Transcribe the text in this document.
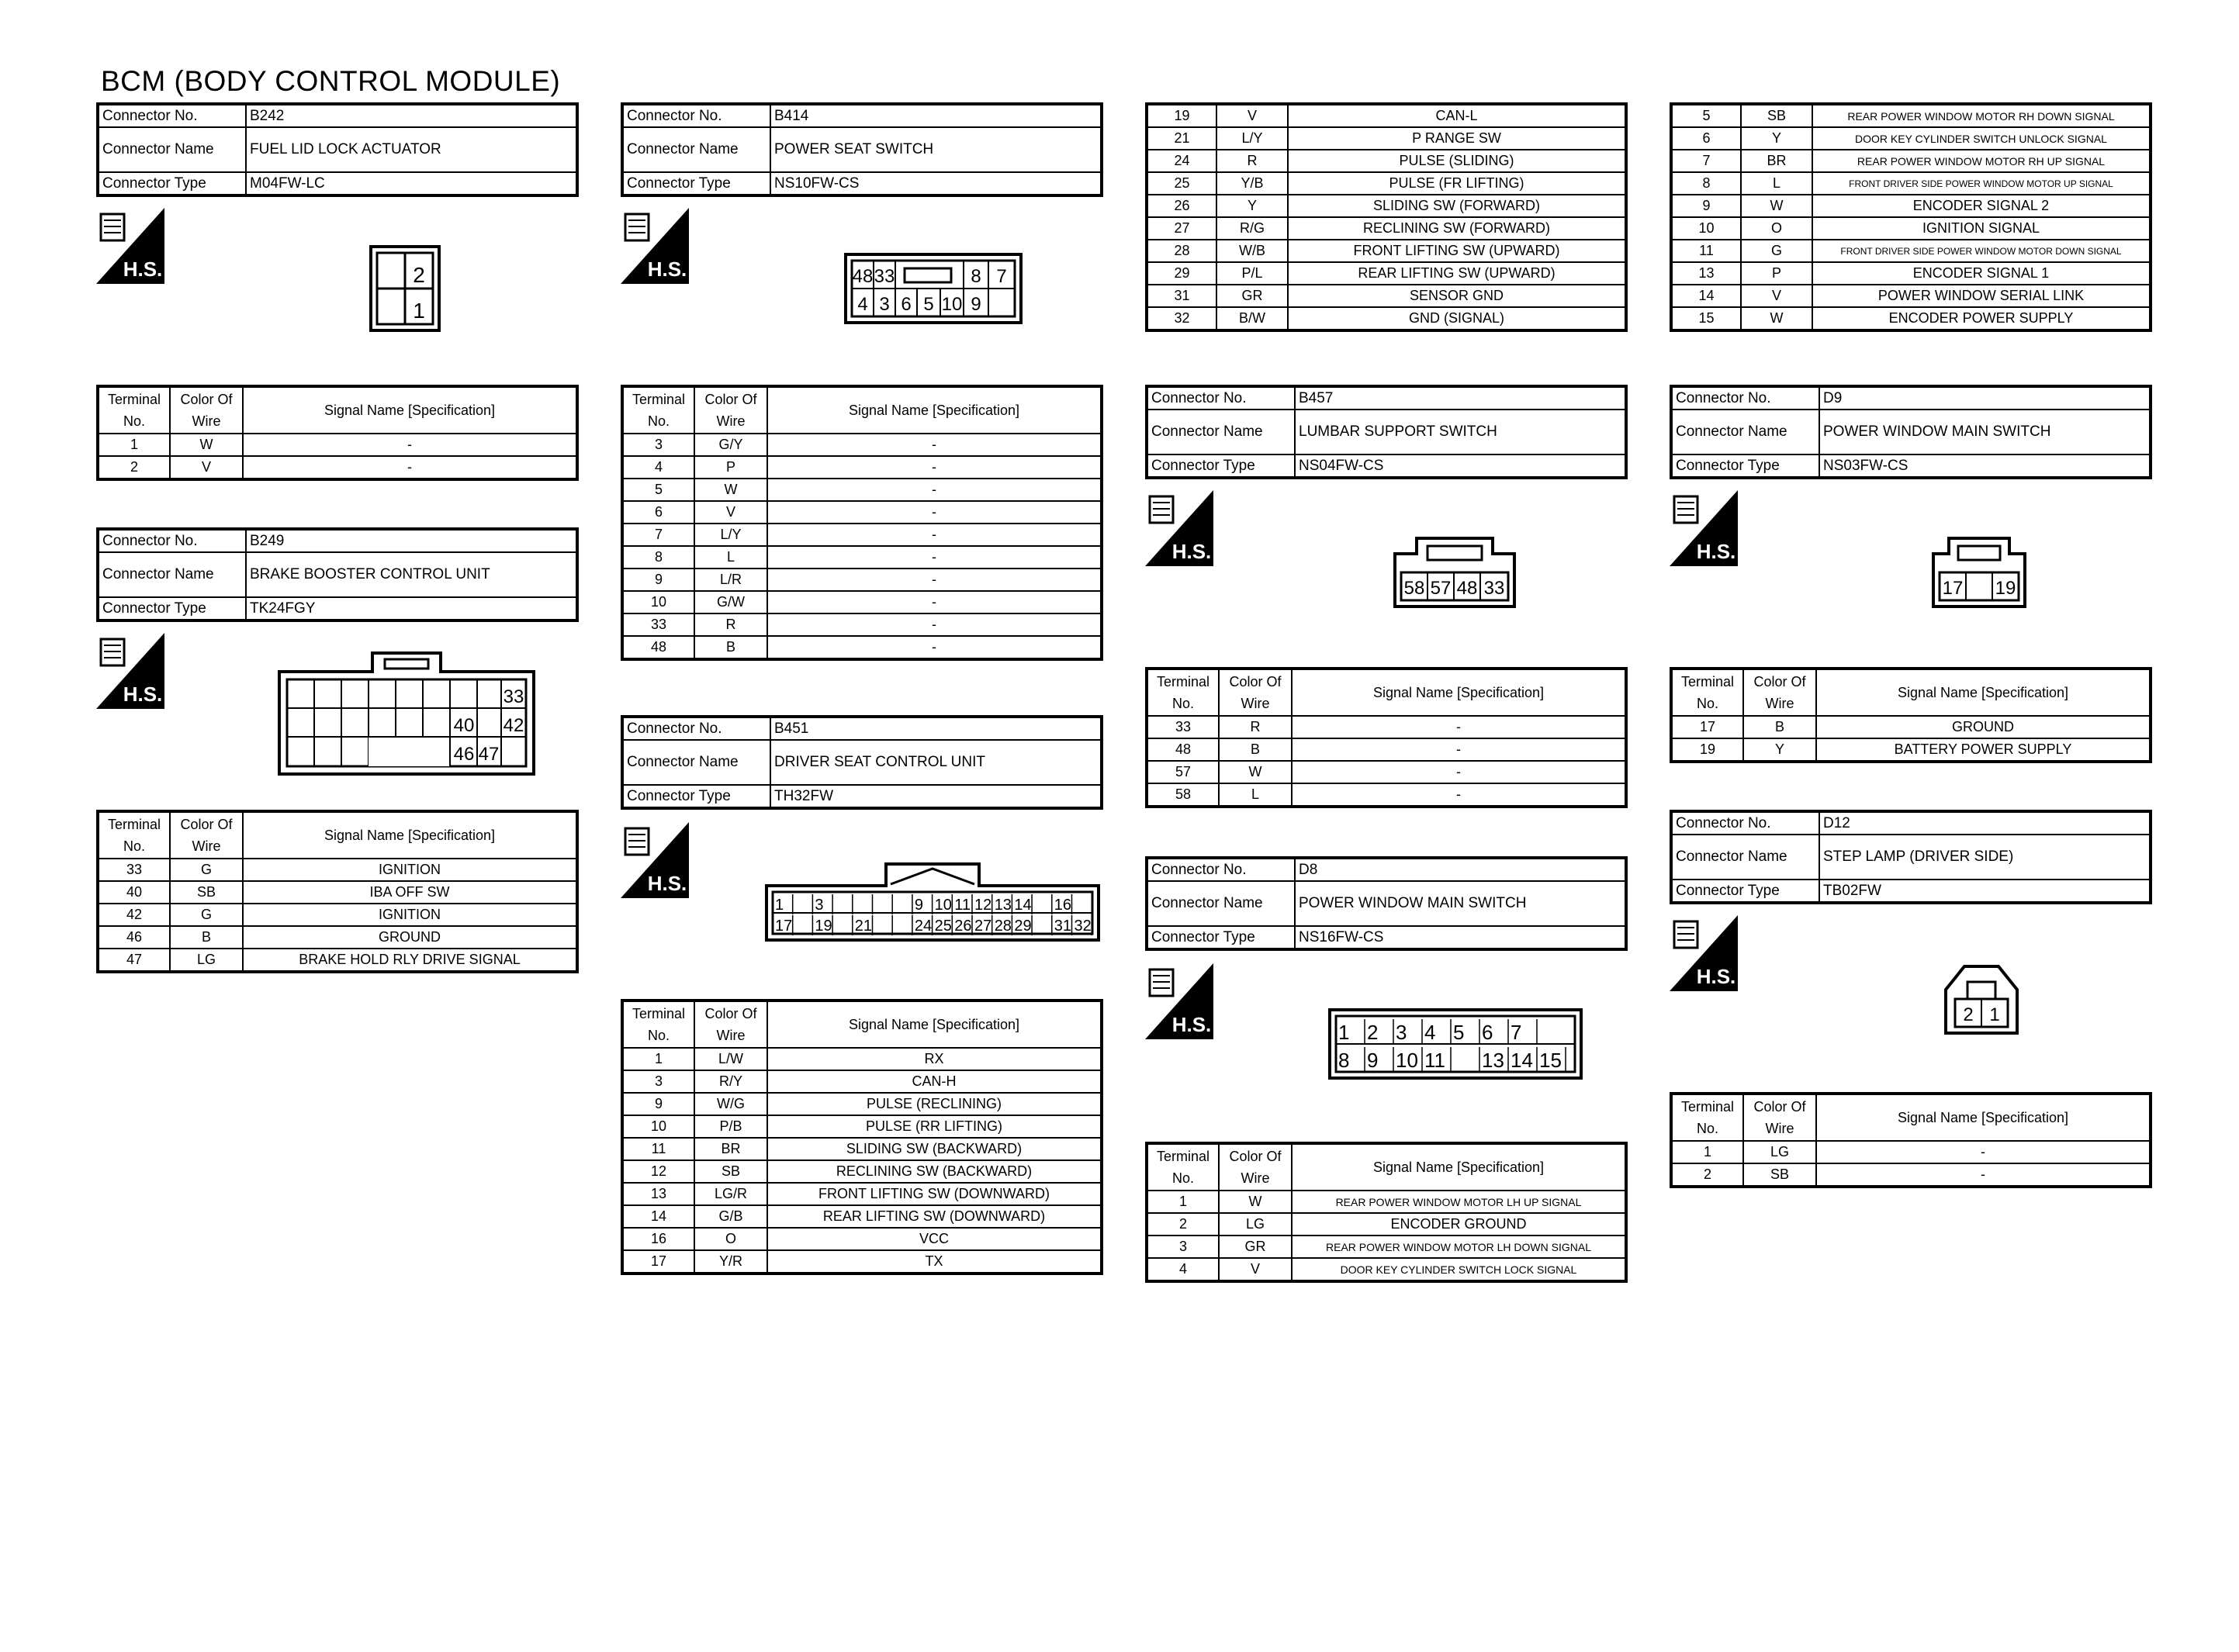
BCM (BODY CONTROL MODULE)
Connector No.	B242
Connector Name	FUEL LID LOCK ACTUATOR
Connector Type	M04FW-LC
H.S.	2
1
Terminal
No.	Color Of
Wire	Signal Name [Specification]
1	W	-
2	V	-
Connector No.	B249
Connector Name	BRAKE BOOSTER CONTROL UNIT
Connector Type	TK24FGY
H.S.	33
40 42
46 47
Terminal
No.	Color Of
Wire	Signal Name [Specification]
33	G	IGNITION
40	SB	IBA OFF SW
42	G	IGNITION
46	B	GROUND
47	LG	BRAKE HOLD RLY DRIVE SIGNAL
Connector No.	B414
Connector Name	POWER SEAT SWITCH
Connector Type	NS10FW-CS
H.S.	48 33	8 7
4 3 6 5 10 9
Terminal
No.	Color Of
Wire	Signal Name [Specification]
3	G/Y	-
4	P	-
5	W	-
6	V	-
7	L/Y	-
8	L	-
9	L/R	-
10	G/W	-
33	R	-
48	B	-
Connector No.	B451
Connector Name	DRIVER SEAT CONTROL UNIT
Connector Type	TH32FW
H.S.
1 3	9 10 11 12 13 14 16
17 19 21	24 25 26 27 28 29 31 32
Terminal
No.	Color Of
Wire	Signal Name [Specification]
1	L/W	RX
3	R/Y	CAN-H
9	W/G	PULSE (RECLINING)
10	P/B	PULSE (RR LIFTING)
11	BR	SLIDING SW (BACKWARD)
12	SB	RECLINING SW (BACKWARD)
13	LG/R	FRONT LIFTING SW (DOWNWARD)
14	G/B	REAR LIFTING SW (DOWNWARD)
16	O	VCC
17	Y/R	TX
19	V	CAN-L
21	L/Y	P RANGE SW
24	R	PULSE (SLIDING)
25	Y/B	PULSE (FR LIFTING)
26	Y	SLIDING SW (FORWARD)
27	R/G	RECLINING SW (FORWARD)
28	W/B	FRONT LIFTING SW (UPWARD)
29	P/L	REAR LIFTING SW (UPWARD)
31	GR	SENSOR GND
32	B/W	GND (SIGNAL)
Connector No.	B457
Connector Name	LUMBAR SUPPORT SWITCH
Connector Type	NS04FW-CS
H.S.
58 57 48 33
Terminal
No.	Color Of
Wire	Signal Name [Specification]
33	R	-
48	B	-
57	W	-
58	L	-
Connector No.	D8
Connector Name	POWER WINDOW MAIN SWITCH
Connector Type	NS16FW-CS
H.S.	1 2 3 4 5 6 7
8 9 10 11 13 14 15
Terminal
No.	Color Of
Wire	Signal Name [Specification]
1	W	REAR POWER WINDOW MOTOR LH UP SIGNAL
2	LG	ENCODER GROUND
3	GR	REAR POWER WINDOW MOTOR LH DOWN SIGNAL
4	V	DOOR KEY CYLINDER SWITCH LOCK SIGNAL
5	SB	REAR POWER WINDOW MOTOR RH DOWN SIGNAL
6	Y	DOOR KEY CYLINDER SWITCH UNLOCK SIGNAL
7	BR	REAR POWER WINDOW MOTOR RH UP SIGNAL
8	L	FRONT DRIVER SIDE POWER WINDOW MOTOR UP SIGNAL
9	W	ENCODER SIGNAL 2
10	O	IGNITION SIGNAL
11	G	FRONT DRIVER SIDE POWER WINDOW MOTOR DOWN SIGNAL
13	P	ENCODER SIGNAL 1
14	V	POWER WINDOW SERIAL LINK
15	W	ENCODER POWER SUPPLY
Connector No.	D9
Connector Name	POWER WINDOW MAIN SWITCH
Connector Type	NS03FW-CS
H.S.
17 19
Terminal
No.	Color Of
Wire	Signal Name [Specification]
17	B	GROUND
19	Y	BATTERY POWER SUPPLY
Connector No.	D12
Connector Name	STEP LAMP (DRIVER SIDE)
Connector Type	TB02FW
H.S.
2 1
Terminal
No.	Color Of
Wire	Signal Name [Specification]
1	LG	-
2	SB	-
